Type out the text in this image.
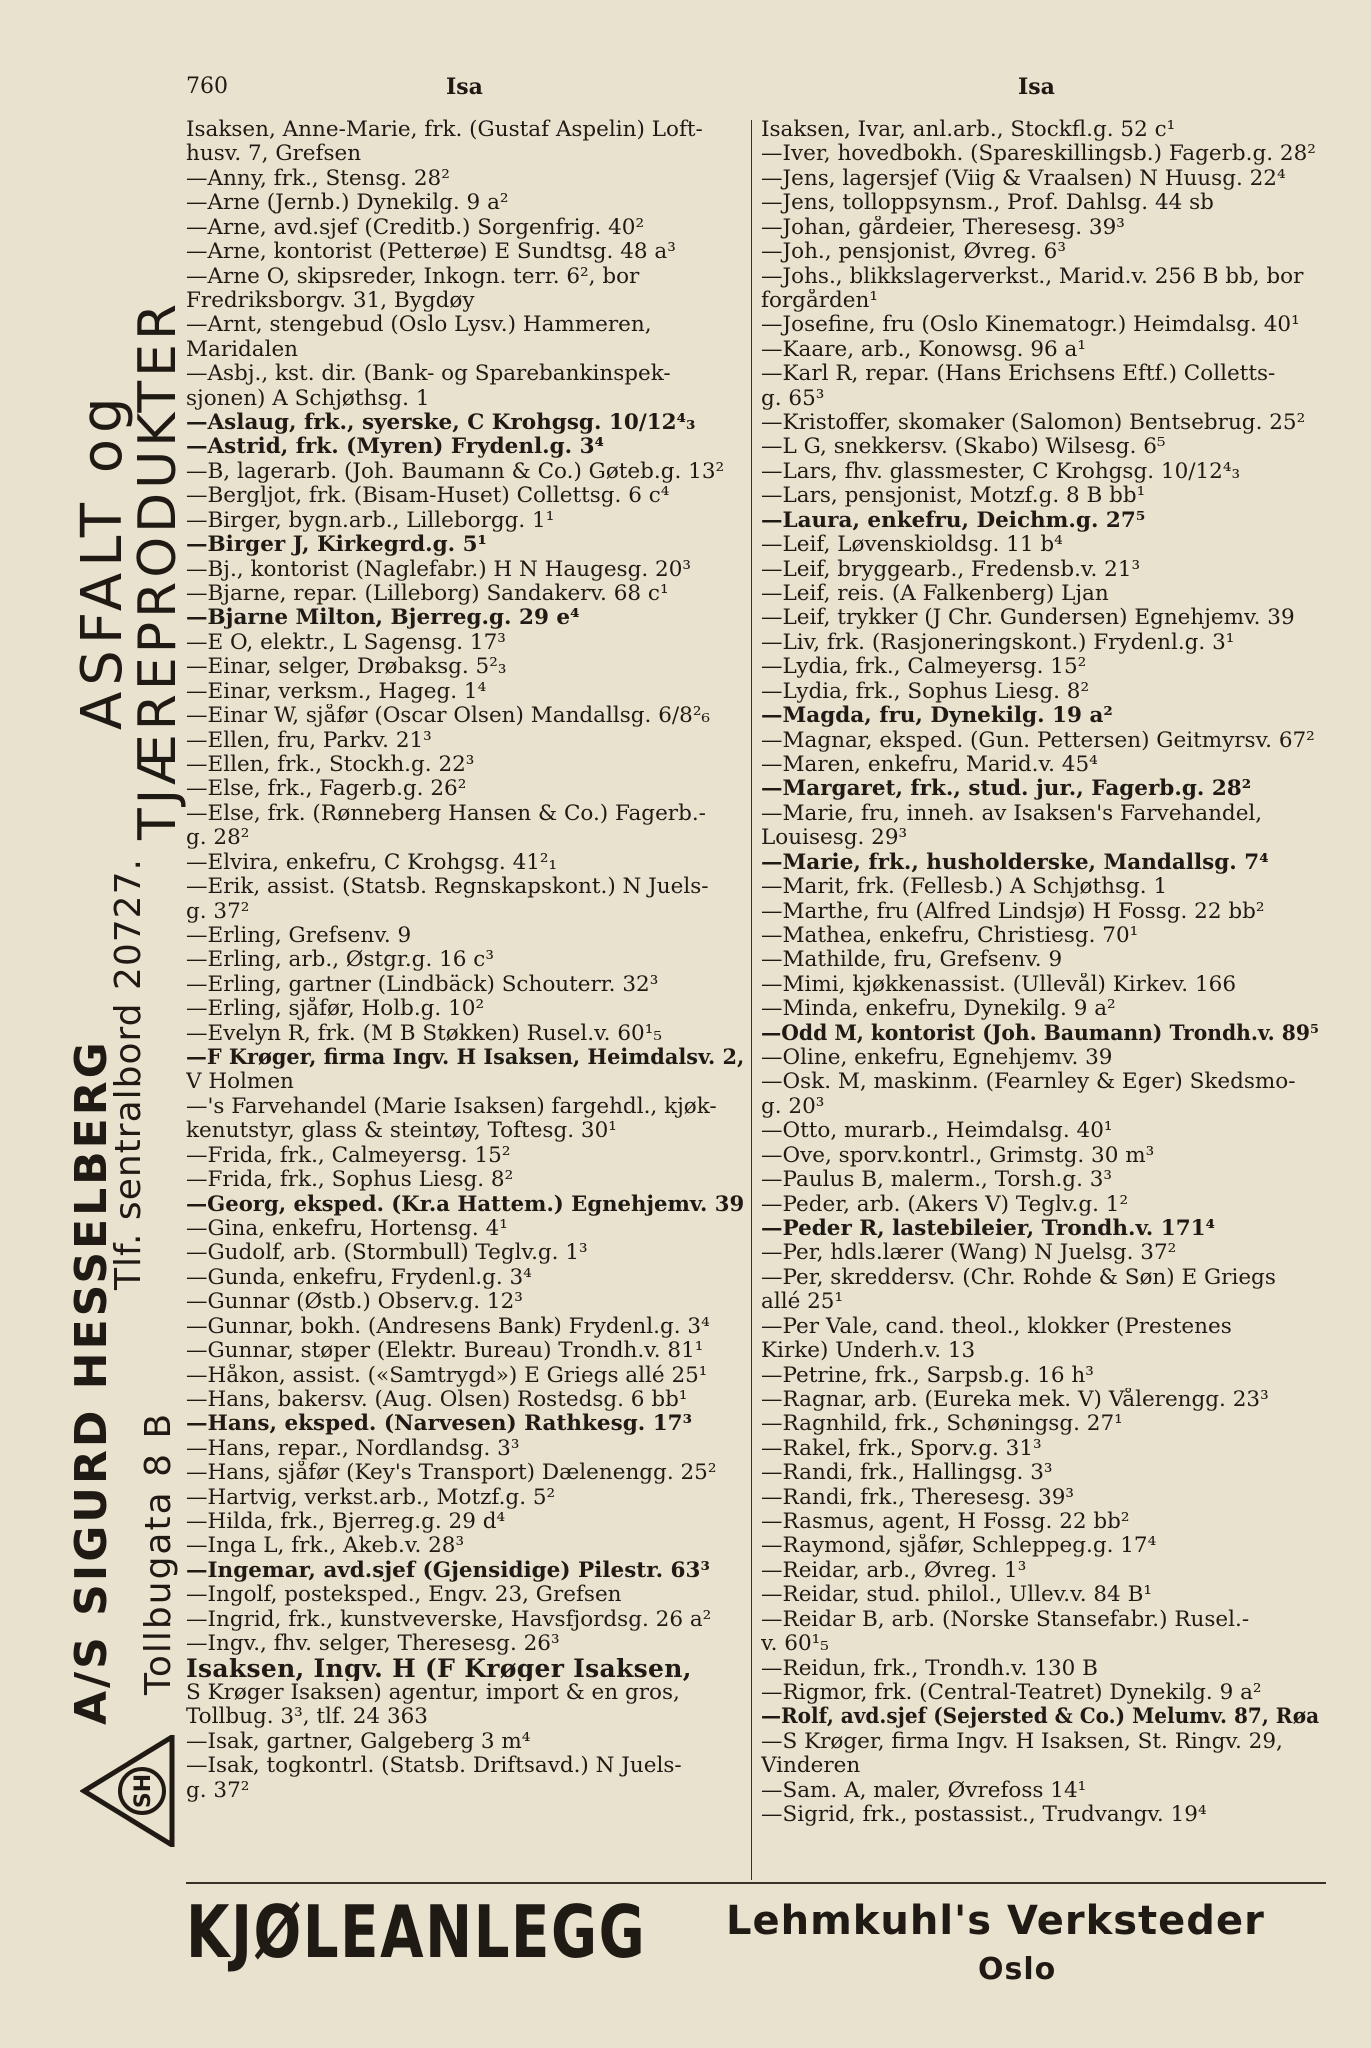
760	Isa	Isa
ASFALT og
TJÆREPRODUKTER
Tlf. sentralbord 20727.
A/S SIGURD HESSELBERG Tollbugata 8 B
SH
Isaksen, Anne-Marie, frk. (Gustaf Aspelin) Loft-
husv. 7, Grefsen
—Anny, frk., Stensg. 28²
—Arne (Jernb.) Dynekilg. 9 a²
—Arne, avd.sjef (Creditb.) Sorgenfrig. 40²
—Arne, kontorist (Petterøe) E Sundtsg. 48 a³
—Arne O, skipsreder, Inkogn. terr. 6², bor
Fredriksborgv. 31, Bygdøy
—Arnt, stengebud (Oslo Lysv.) Hammeren,
Maridalen
—Asbj., kst. dir. (Bank- og Sparebankinspek-
sjonen) A Schjøthsg. 1
—Aslaug, frk., syerske, C Krohgsg. 10/12⁴₃
—Astrid, frk. (Myren) Frydenl.g. 3⁴
—B, lagerarb. (Joh. Baumann & Co.) Gøteb.g. 13²
—Bergljot, frk. (Bisam-Huset) Collettsg. 6 c⁴
—Birger, bygn.arb., Lilleborgg. 1¹
—Birger J, Kirkegrd.g. 5¹
—Bj., kontorist (Naglefabr.) H N Haugesg. 20³
—Bjarne, repar. (Lilleborg) Sandakerv. 68 c¹
—Bjarne Milton, Bjerreg.g. 29 e⁴
—E O, elektr., L Sagensg. 17³
—Einar, selger, Drøbaksg. 5²₃
—Einar, verksm., Hageg. 1⁴
—Einar W, sjåfør (Oscar Olsen) Mandallsg. 6/8²₆
—Ellen, fru, Parkv. 21³
—Ellen, frk., Stockh.g. 22³
—Else, frk., Fagerb.g. 26²
—Else, frk. (Rønneberg Hansen & Co.) Fagerb.-
g. 28²
—Elvira, enkefru, C Krohgsg. 41²₁
—Erik, assist. (Statsb. Regnskapskont.) N Juels-
g. 37²
—Erling, Grefsenv. 9
—Erling, arb., Østgr.g. 16 c³
—Erling, gartner (Lindbäck) Schouterr. 32³
—Erling, sjåfør, Holb.g. 10²
—Evelyn R, frk. (M B Støkken) Rusel.v. 60¹₅
—F Krøger, firma Ingv. H Isaksen, Heimdalsv. 2,
V Holmen
—'s Farvehandel (Marie Isaksen) fargehdl., kjøk-
kenutstyr, glass & steintøy, Toftesg. 30¹
—Frida, frk., Calmeyersg. 15²
—Frida, frk., Sophus Liesg. 8²
—Georg, eksped. (Kr.a Hattem.) Egnehjemv. 39
—Gina, enkefru, Hortensg. 4¹
—Gudolf, arb. (Stormbull) Teglv.g. 1³
—Gunda, enkefru, Frydenl.g. 3⁴
—Gunnar (Østb.) Observ.g. 12³
—Gunnar, bokh. (Andresens Bank) Frydenl.g. 3⁴
—Gunnar, støper (Elektr. Bureau) Trondh.v. 81¹
—Håkon, assist. («Samtrygd») E Griegs allé 25¹
—Hans, bakersv. (Aug. Olsen) Rostedsg. 6 bb¹
—Hans, eksped. (Narvesen) Rathkesg. 17³
—Hans, repar., Nordlandsg. 3³
—Hans, sjåfør (Key's Transport) Dælenengg. 25²
—Hartvig, verkst.arb., Motzf.g. 5²
—Hilda, frk., Bjerreg.g. 29 d⁴
—Inga L, frk., Akeb.v. 28³
—Ingemar, avd.sjef (Gjensidige) Pilestr. 63³
—Ingolf, posteksped., Engv. 23, Grefsen
—Ingrid, frk., kunstveverske, Havsfjordsg. 26 a²
—Ingv., fhv. selger, Theresesg. 26³
Isaksen, Ingv. H (F Krøger Isaksen,
S Krøger Isaksen) agentur, import & en gros,
Tollbug. 3³, tlf. 24 363
—Isak, gartner, Galgeberg 3 m⁴
—Isak, togkontrl. (Statsb. Driftsavd.) N Juels-
g. 37²
Isaksen, Ivar, anl.arb., Stockfl.g. 52 c¹
—Iver, hovedbokh. (Spareskillingsb.) Fagerb.g. 28²
—Jens, lagersjef (Viig & Vraalsen) N Huusg. 22⁴
—Jens, tolloppsynsm., Prof. Dahlsg. 44 sb
—Johan, gårdeier, Theresesg. 39³
—Joh., pensjonist, Øvreg. 6³
—Johs., blikkslagerverkst., Marid.v. 256 B bb, bor
forgården¹
—Josefine, fru (Oslo Kinematogr.) Heimdalsg. 40¹
—Kaare, arb., Konowsg. 96 a¹
—Karl R, repar. (Hans Erichsens Eftf.) Colletts-
g. 65³
—Kristoffer, skomaker (Salomon) Bentsebrug. 25²
—L G, snekkersv. (Skabo) Wilsesg. 6⁵
—Lars, fhv. glassmester, C Krohgsg. 10/12⁴₃
—Lars, pensjonist, Motzf.g. 8 B bb¹
—Laura, enkefru, Deichm.g. 27⁵
—Leif, Løvenskioldsg. 11 b⁴
—Leif, bryggearb., Fredensb.v. 21³
—Leif, reis. (A Falkenberg) Ljan
—Leif, trykker (J Chr. Gundersen) Egnehjemv. 39
—Liv, frk. (Rasjoneringskont.) Frydenl.g. 3¹
—Lydia, frk., Calmeyersg. 15²
—Lydia, frk., Sophus Liesg. 8²
—Magda, fru, Dynekilg. 19 a²
—Magnar, eksped. (Gun. Pettersen) Geitmyrsv. 67²
—Maren, enkefru, Marid.v. 45⁴
—Margaret, frk., stud. jur., Fagerb.g. 28²
—Marie, fru, inneh. av Isaksen's Farvehandel,
Louisesg. 29³
—Marie, frk., husholderske, Mandallsg. 7⁴
—Marit, frk. (Fellesb.) A Schjøthsg. 1
—Marthe, fru (Alfred Lindsjø) H Fossg. 22 bb²
—Mathea, enkefru, Christiesg. 70¹
—Mathilde, fru, Grefsenv. 9
—Mimi, kjøkkenassist. (Ullevål) Kirkev. 166
—Minda, enkefru, Dynekilg. 9 a²
—Odd M, kontorist (Joh. Baumann) Trondh.v. 89⁵
—Oline, enkefru, Egnehjemv. 39
—Osk. M, maskinm. (Fearnley & Eger) Skedsmo-
g. 20³
—Otto, murarb., Heimdalsg. 40¹
—Ove, sporv.kontrl., Grimstg. 30 m³
—Paulus B, malerm., Torsh.g. 3³
—Peder, arb. (Akers V) Teglv.g. 1²
—Peder R, lastebileier, Trondh.v. 171⁴
—Per, hdls.lærer (Wang) N Juelsg. 37²
—Per, skreddersv. (Chr. Rohde & Søn) E Griegs
allé 25¹
—Per Vale, cand. theol., klokker (Prestenes
Kirke) Underh.v. 13
—Petrine, frk., Sarpsb.g. 16 h³
—Ragnar, arb. (Eureka mek. V) Vålerengg. 23³
—Ragnhild, frk., Schøningsg. 27¹
—Rakel, frk., Sporv.g. 31³
—Randi, frk., Hallingsg. 3³
—Randi, frk., Theresesg. 39³
—Rasmus, agent, H Fossg. 22 bb²
—Raymond, sjåfør, Schleppeg.g. 17⁴
—Reidar, arb., Øvreg. 1³
—Reidar, stud. philol., Ullev.v. 84 B¹
—Reidar B, arb. (Norske Stansefabr.) Rusel.-
v. 60¹₅
—Reidun, frk., Trondh.v. 130 B
—Rigmor, frk. (Central-Teatret) Dynekilg. 9 a²
—Rolf, avd.sjef (Sejersted & Co.) Melumv. 87, Røa
—S Krøger, firma Ingv. H Isaksen, St. Ringv. 29,
Vinderen
—Sam. A, maler, Øvrefoss 14¹
—Sigrid, frk., postassist., Trudvangv. 19⁴
KJØLEANLEGG Lehmkuhl's Verksteder
Oslo
